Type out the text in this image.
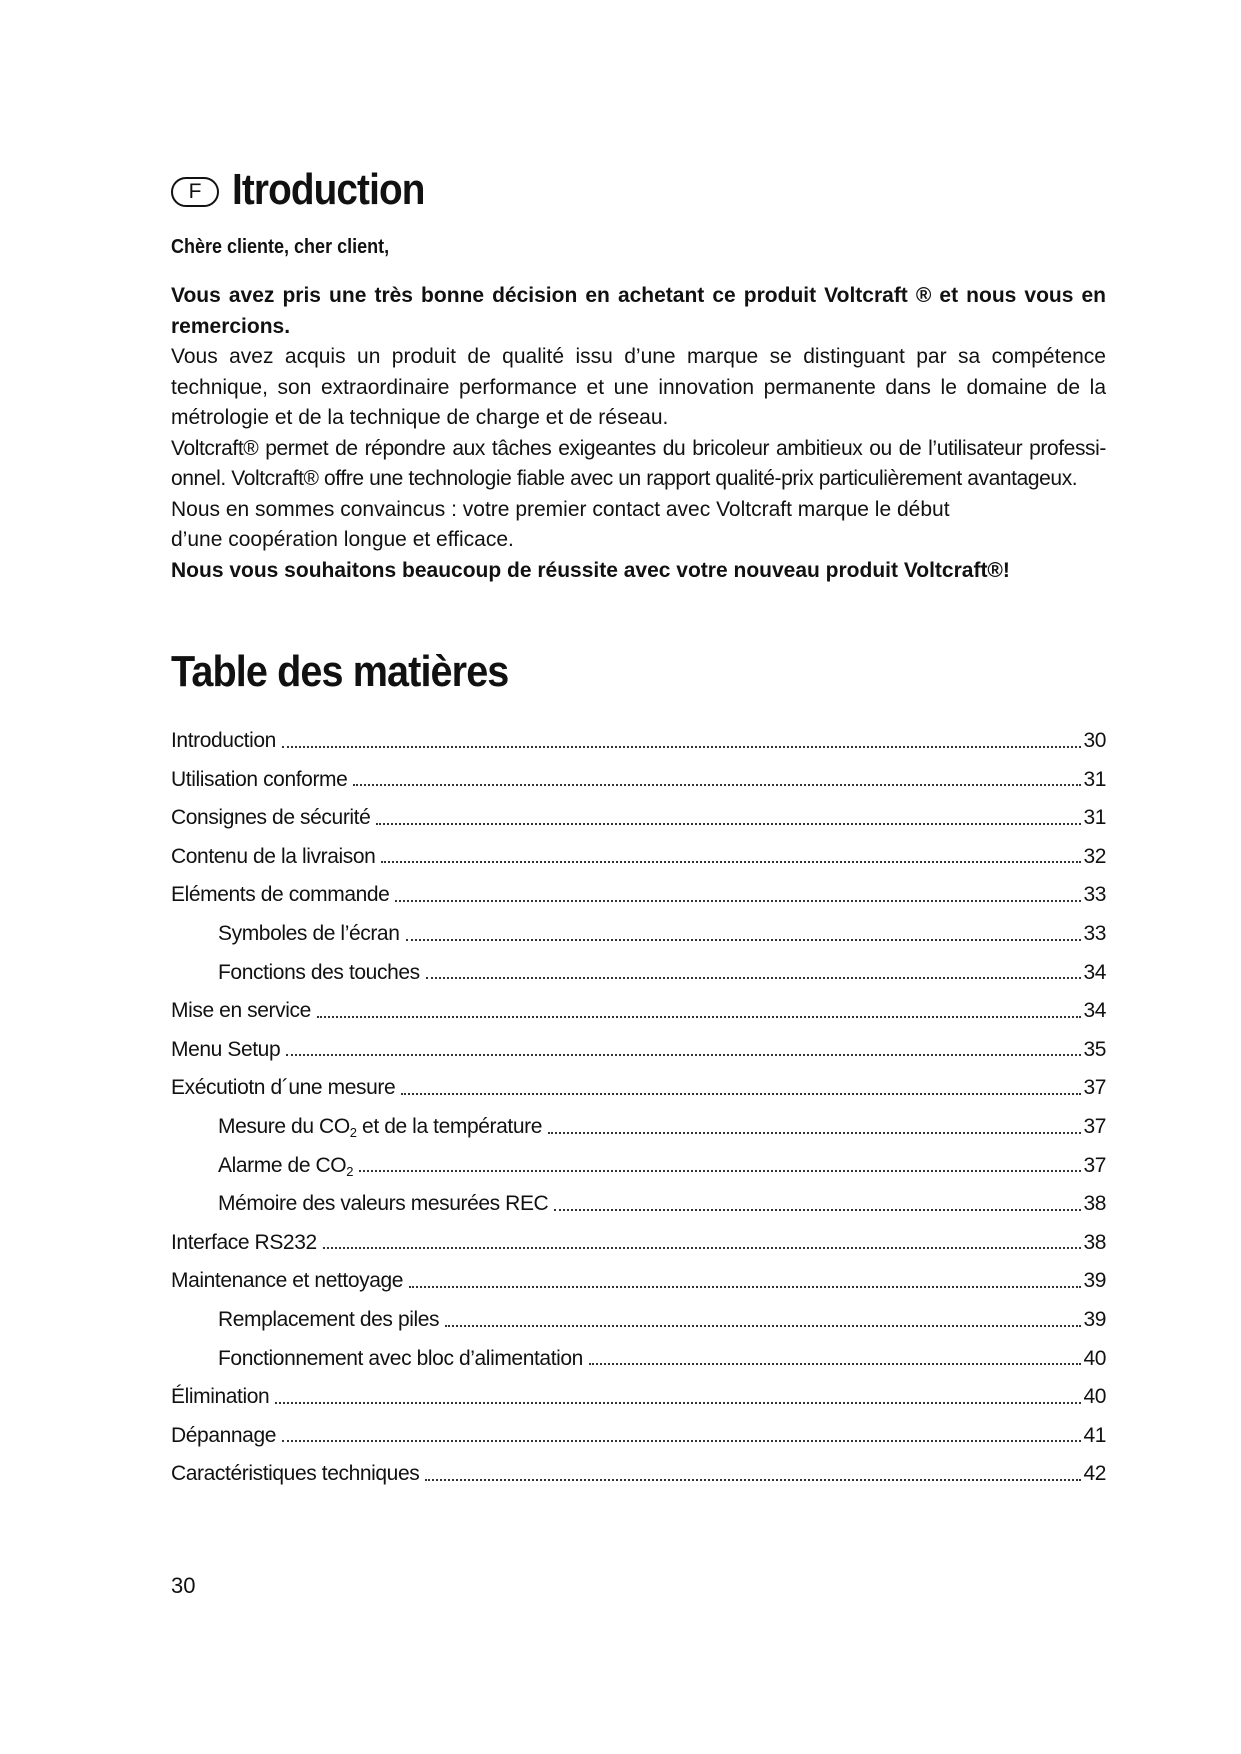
F Itroduction
Chère cliente, cher client,

Vous avez pris une très bonne décision en achetant ce produit Voltcraft ® et nous vous en remercions.

Vous avez acquis un produit de qualité issu d’une marque se distinguant par sa compétence technique, son extraordinaire performance et une innovation permanente dans le domaine de la métrologie et de la technique de charge et de réseau.

Voltcraft® permet de répondre aux tâches exigeantes du bricoleur ambitieux ou de l’utilisateur professi-onnel. Voltcraft® offre une technologie fiable avec un rapport qualité-prix particulièrement avantageux.

Nous en sommes convaincus : votre premier contact avec Voltcraft marque le début

d’une coopération longue et efficace.

Nous vous souhaitons beaucoup de réussite avec votre nouveau produit Voltcraft®!

Table des matières
Introduction	30
Utilisation conforme	31
Consignes de sécurité	31
Contenu de la livraison	32
Eléments de commande	33
Symboles de l’écran	33
Fonctions des touches	34
Mise en service	34
Menu Setup	35
Exécutiotn d´une mesure	37
Mesure du $CO_2$ et de la température	37
Alarme de $CO_2$	37
Mémoire des valeurs mesurées REC	38
Interface RS232	38
Maintenance et nettoyage	39
Remplacement des piles	39
Fonctionnement avec bloc d’alimentation	40
Élimination	40
Dépannage	41
Caractéristiques techniques	42
30
